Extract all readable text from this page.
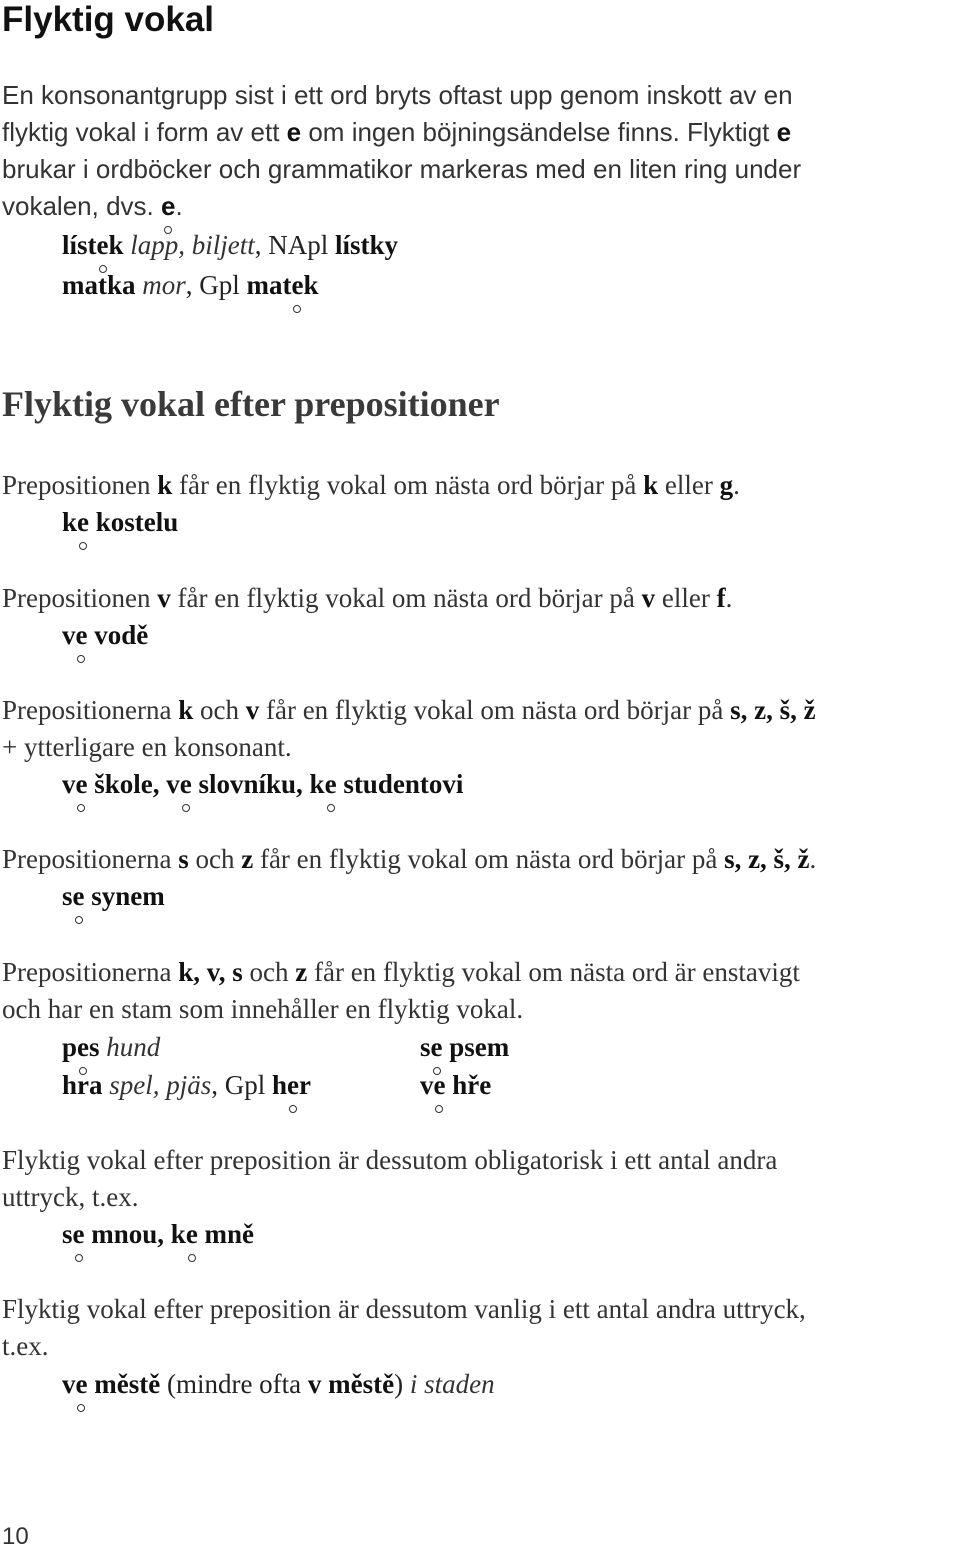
Flyktig vokal
En konsonantgrupp sist i ett ord bryts oftast upp genom inskott av en
flyktig vokal i form av ett e om ingen böjningsändelse finns. Flyktigt e
brukar i ordböcker och grammatikor markeras med en liten ring under
vokalen, dvs. e.
lístek lapp, biljett, NApl lístky
matka mor, Gpl matek
Flyktig vokal efter prepositioner
Prepositionen k får en flyktig vokal om nästa ord börjar på k eller g.
ke kostelu
Prepositionen v får en flyktig vokal om nästa ord börjar på v eller f.
ve vodě
Prepositionerna k och v får en flyktig vokal om nästa ord börjar på s, z, š, ž
+ ytterligare en konsonant.
ve škole, ve slovníku, ke studentovi
Prepositionerna s och z får en flyktig vokal om nästa ord börjar på s, z, š, ž.
se synem
Prepositionerna k, v, s och z får en flyktig vokal om nästa ord är enstavigt
och har en stam som innehåller en flyktig vokal.
pes hund	se psem
hra spel, pjäs, Gpl her	ve hře
Flyktig vokal efter preposition är dessutom obligatorisk i ett antal andra
uttryck, t.ex.
se mnou, ke mně
Flyktig vokal efter preposition är dessutom vanlig i ett antal andra uttryck,
t.ex.
ve městě (mindre ofta v městě) i staden
10
